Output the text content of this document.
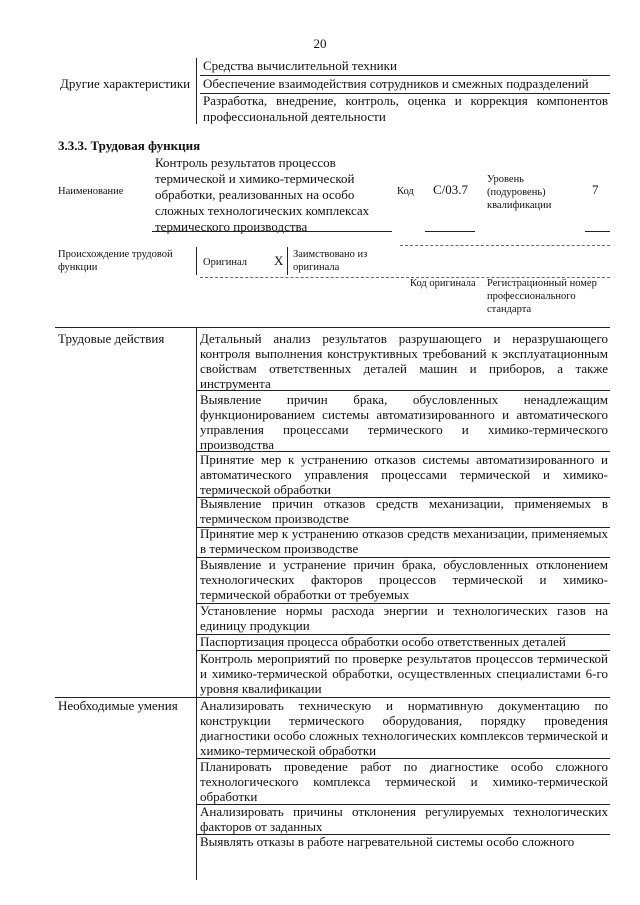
20
Другие характеристики
Средства вычислительной техники
Обеспечение взаимодействия сотрудников и смежных подразделений
Разработка, внедрение, контроль, оценка и коррекция компонентов профессиональной деятельности
3.3.3. Трудовая функция
Наименование
Контроль результатов процессов термической и химико-термической обработки, реализованных на особо сложных технологических комплексах термического производства
Код С/03.7
Уровень (подуровень) квалификации
7
Происхождение трудовой функции	Оригинал X Заимствовано из оригинала
Код оригинала Регистрационный номер профессионального стандарта
Трудовые действия	Детальный анализ результатов разрушающего и неразрушающего контроля выполнения конструктивных требований к эксплуатационным свойствам ответственных деталей машин и приборов, а также инструмента
Выявление причин брака, обусловленных ненадлежащим функционированием системы автоматизированного и автоматического управления процессами термического и химико-термического производства
Принятие мер к устранению отказов системы автоматизированного и автоматического управления процессами термической и химико-термической обработки
Выявление причин отказов средств механизации, применяемых в термическом производстве
Принятие мер к устранению отказов средств механизации, применяемых в термическом производстве
Выявление и устранение причин брака, обусловленных отклонением технологических факторов процессов термической и химико-термической обработки от требуемых
Установление нормы расхода энергии и технологических газов на единицу продукции
Паспортизация процесса обработки особо ответственных деталей
Контроль мероприятий по проверке результатов процессов термической и химико-термической обработки, осуществленных специалистами 6-го уровня квалификации
Необходимые умения Анализировать техническую и нормативную документацию по конструкции термического оборудования, порядку проведения диагностики особо сложных технологических комплексов термической и химико-термической обработки
Планировать проведение работ по диагностике особо сложного технологического комплекса термической и химико-термической обработки
Анализировать причины отклонения регулируемых технологических факторов от заданных
Выявлять отказы в работе нагревательной системы особо сложного
